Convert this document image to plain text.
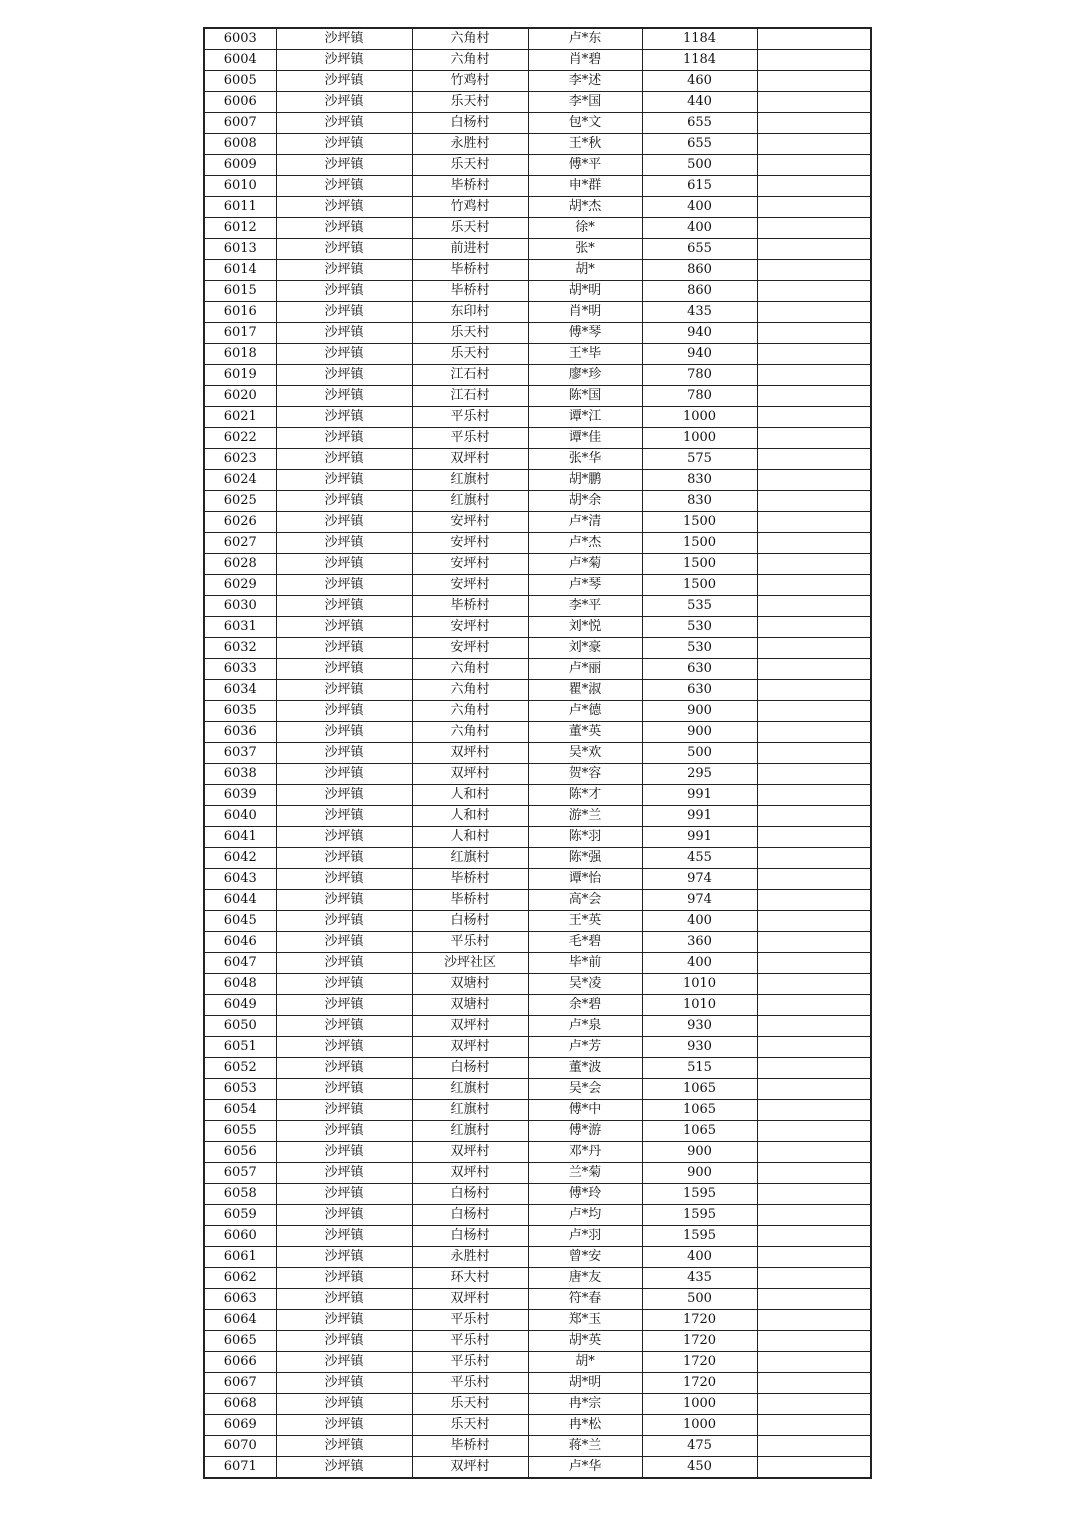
6003	沙坪镇	六角村	卢*东	1184	
6004	沙坪镇	六角村	肖*碧	1184	
6005	沙坪镇	竹鸡村	李*述	460	
6006	沙坪镇	乐天村	李*国	440	
6007	沙坪镇	白杨村	包*文	655	
6008	沙坪镇	永胜村	王*秋	655	
6009	沙坪镇	乐天村	傅*平	500	
6010	沙坪镇	毕桥村	申*群	615	
6011	沙坪镇	竹鸡村	胡*杰	400	
6012	沙坪镇	乐天村	徐*	400	
6013	沙坪镇	前进村	张*	655	
6014	沙坪镇	毕桥村	胡*	860	
6015	沙坪镇	毕桥村	胡*明	860	
6016	沙坪镇	东印村	肖*明	435	
6017	沙坪镇	乐天村	傅*琴	940	
6018	沙坪镇	乐天村	王*毕	940	
6019	沙坪镇	江石村	廖*珍	780	
6020	沙坪镇	江石村	陈*国	780	
6021	沙坪镇	平乐村	谭*江	1000	
6022	沙坪镇	平乐村	谭*佳	1000	
6023	沙坪镇	双坪村	张*华	575	
6024	沙坪镇	红旗村	胡*鹏	830	
6025	沙坪镇	红旗村	胡*余	830	
6026	沙坪镇	安坪村	卢*清	1500	
6027	沙坪镇	安坪村	卢*杰	1500	
6028	沙坪镇	安坪村	卢*菊	1500	
6029	沙坪镇	安坪村	卢*琴	1500	
6030	沙坪镇	毕桥村	李*平	535	
6031	沙坪镇	安坪村	刘*悦	530	
6032	沙坪镇	安坪村	刘*豪	530	
6033	沙坪镇	六角村	卢*丽	630	
6034	沙坪镇	六角村	瞿*淑	630	
6035	沙坪镇	六角村	卢*德	900	
6036	沙坪镇	六角村	董*英	900	
6037	沙坪镇	双坪村	吴*欢	500	
6038	沙坪镇	双坪村	贺*容	295	
6039	沙坪镇	人和村	陈*才	991	
6040	沙坪镇	人和村	游*兰	991	
6041	沙坪镇	人和村	陈*羽	991	
6042	沙坪镇	红旗村	陈*强	455	
6043	沙坪镇	毕桥村	谭*怡	974	
6044	沙坪镇	毕桥村	高*会	974	
6045	沙坪镇	白杨村	王*英	400	
6046	沙坪镇	平乐村	毛*碧	360	
6047	沙坪镇	沙坪社区	毕*前	400	
6048	沙坪镇	双塘村	吴*凌	1010	
6049	沙坪镇	双塘村	余*碧	1010	
6050	沙坪镇	双坪村	卢*泉	930	
6051	沙坪镇	双坪村	卢*芳	930	
6052	沙坪镇	白杨村	董*波	515	
6053	沙坪镇	红旗村	吴*会	1065	
6054	沙坪镇	红旗村	傅*中	1065	
6055	沙坪镇	红旗村	傅*游	1065	
6056	沙坪镇	双坪村	邓*丹	900	
6057	沙坪镇	双坪村	兰*菊	900	
6058	沙坪镇	白杨村	傅*玲	1595	
6059	沙坪镇	白杨村	卢*均	1595	
6060	沙坪镇	白杨村	卢*羽	1595	
6061	沙坪镇	永胜村	曾*安	400	
6062	沙坪镇	环大村	唐*友	435	
6063	沙坪镇	双坪村	符*春	500	
6064	沙坪镇	平乐村	郑*玉	1720	
6065	沙坪镇	平乐村	胡*英	1720	
6066	沙坪镇	平乐村	胡*	1720	
6067	沙坪镇	平乐村	胡*明	1720	
6068	沙坪镇	乐天村	冉*宗	1000	
6069	沙坪镇	乐天村	冉*松	1000	
6070	沙坪镇	毕桥村	蒋*兰	475	
6071	沙坪镇	双坪村	卢*华	450	
